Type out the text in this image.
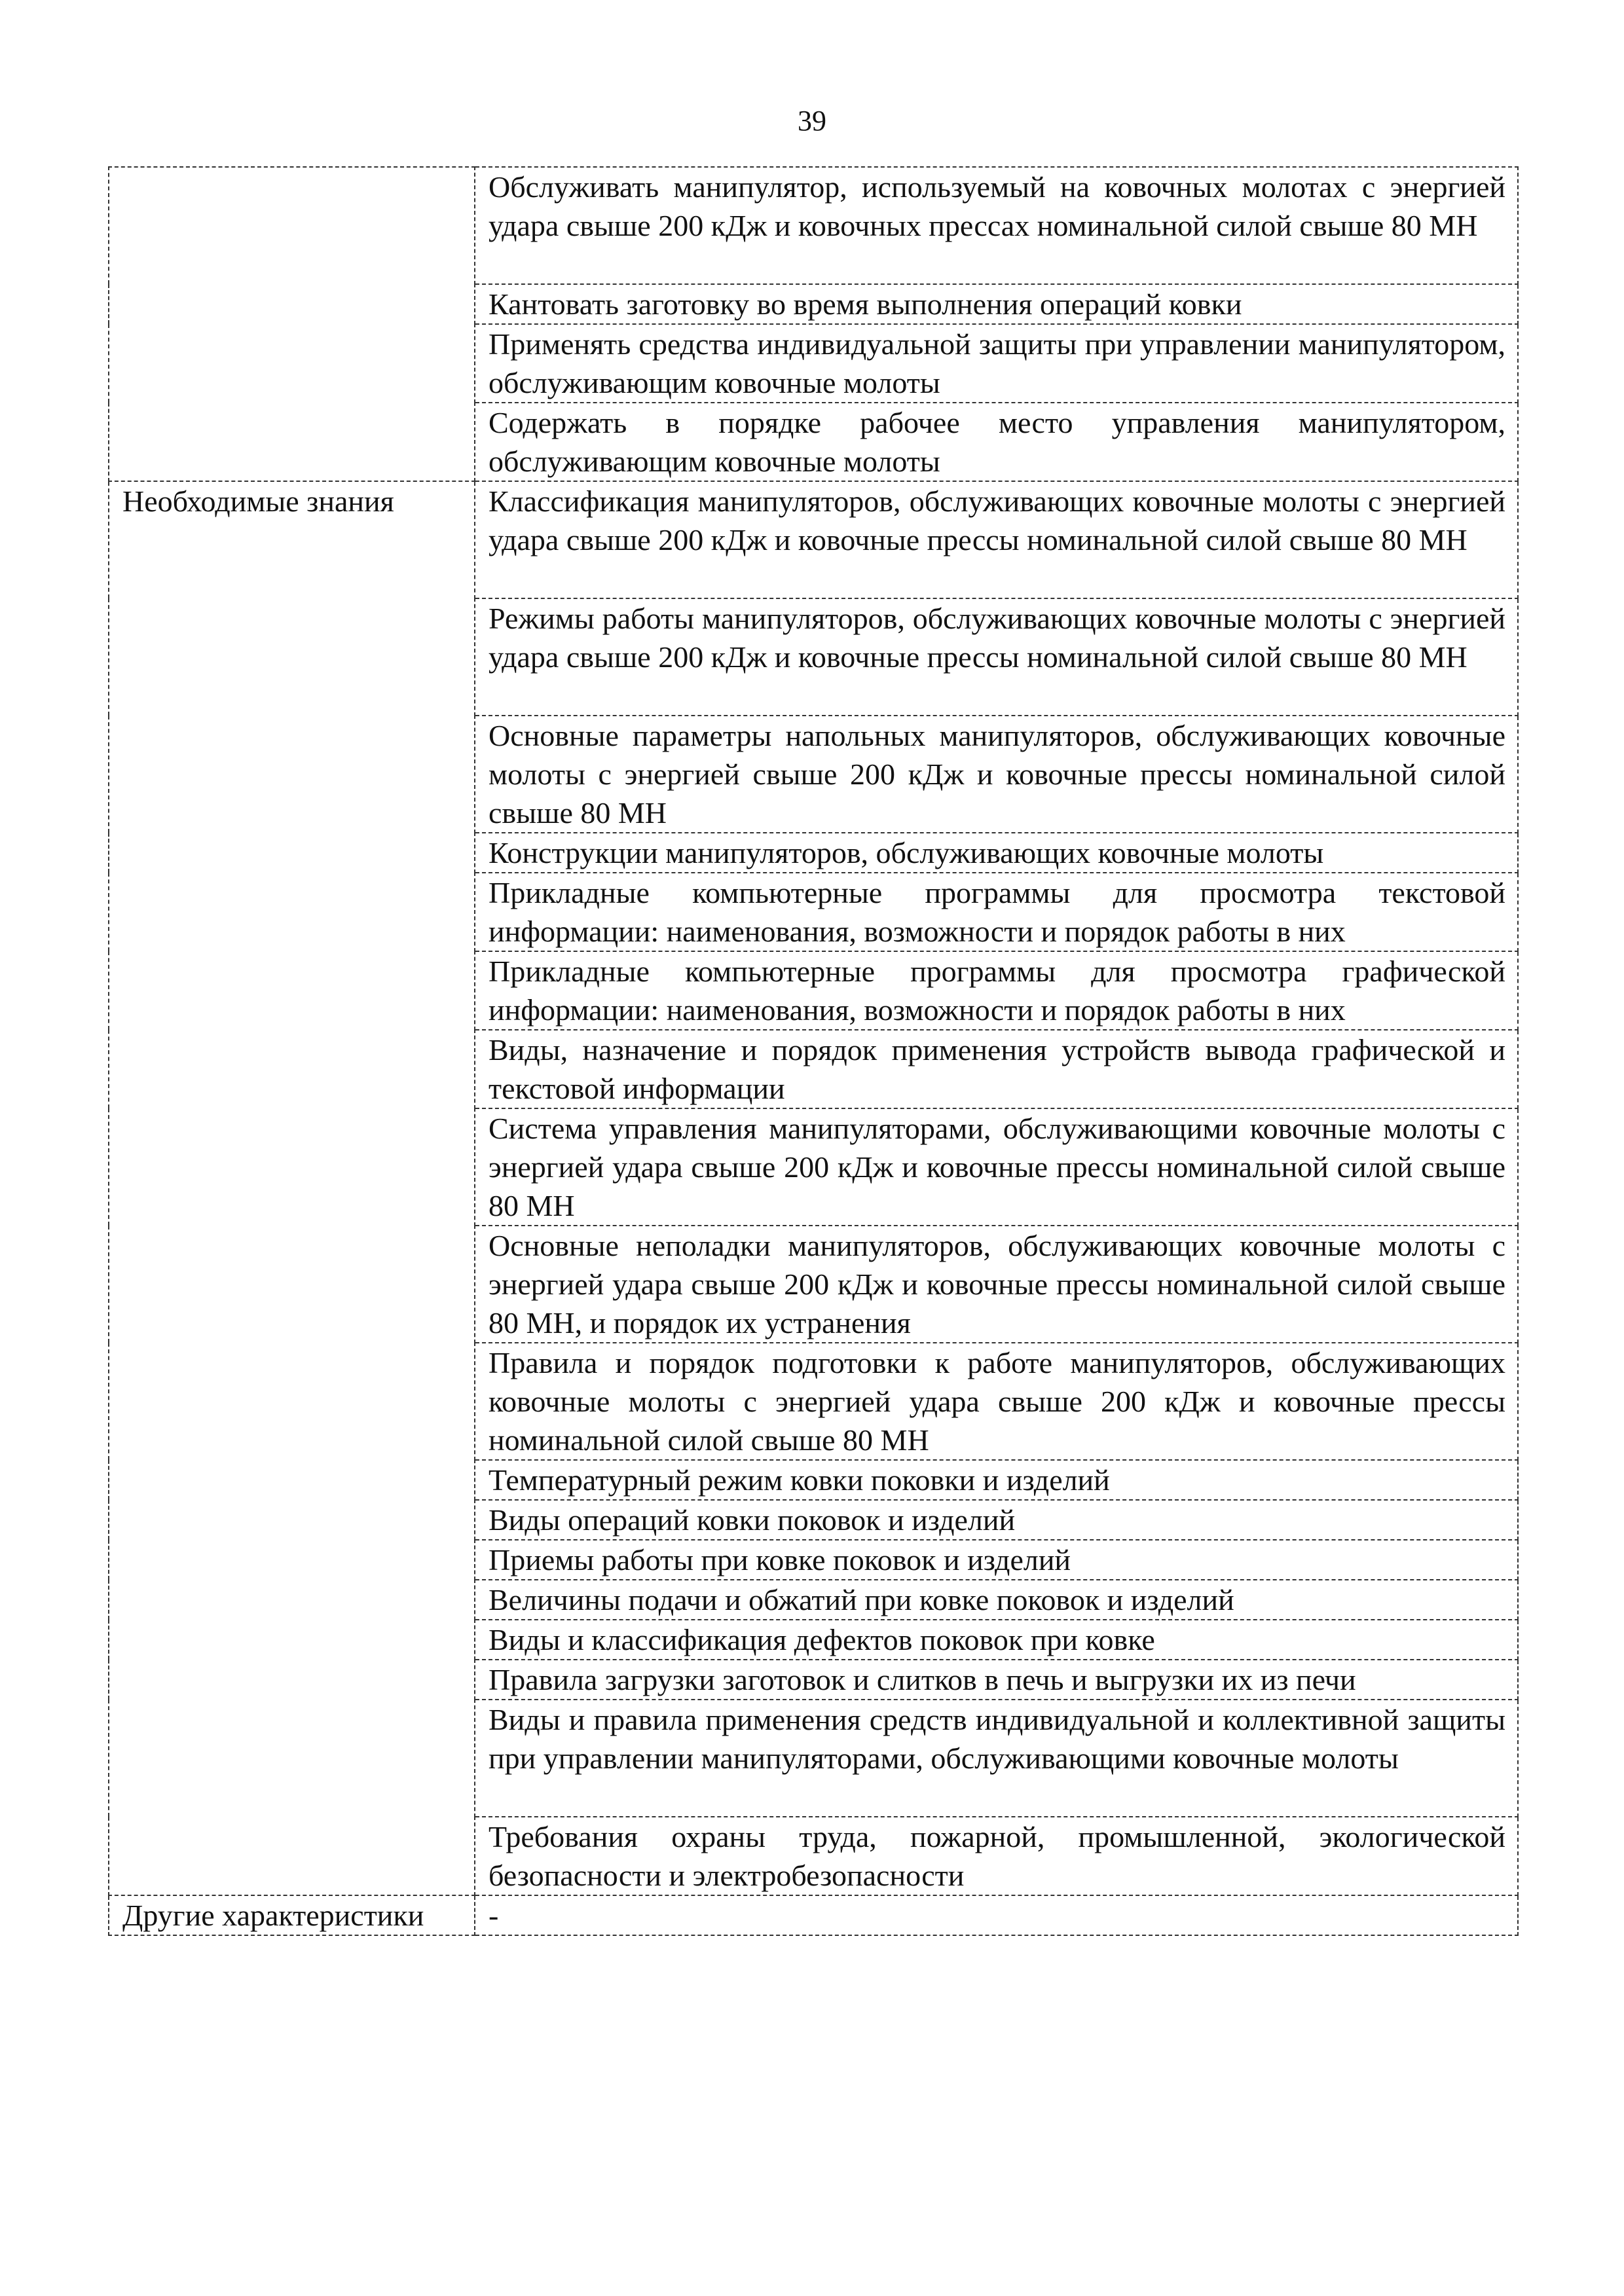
39
	Обслуживать манипулятор, используемый на ковочных молотах с энергией удара свыше 200 кДж и ковочных прессах номинальной силой свыше 80 МН
	Кантовать заготовку во время выполнения операций ковки
	Применять средства индивидуальной защиты при управлении манипулятором, обслуживающим ковочные молоты
	Содержать в порядке рабочее место управления манипулятором, обслуживающим ковочные молоты
Необходимые знания	Классификация манипуляторов, обслуживающих ковочные молоты с энергией удара свыше 200 кДж и ковочные прессы номинальной силой свыше 80 МН
	Режимы работы манипуляторов, обслуживающих ковочные молоты с энергией удара свыше 200 кДж и ковочные прессы номинальной силой свыше 80 МН
	Основные параметры напольных манипуляторов, обслуживающих ковочные молоты с энергией свыше 200 кДж и ковочные прессы номинальной силой свыше 80 МН
	Конструкции манипуляторов, обслуживающих ковочные молоты
	Прикладные компьютерные программы для просмотра текстовой информации: наименования, возможности и порядок работы в них
	Прикладные компьютерные программы для просмотра графической информации: наименования, возможности и порядок работы в них
	Виды, назначение и порядок применения устройств вывода графической и текстовой информации
	Система управления манипуляторами, обслуживающими ковочные молоты с энергией удара свыше 200 кДж и ковочные прессы номинальной силой свыше 80 МН
	Основные неполадки манипуляторов, обслуживающих ковочные молоты с энергией удара свыше 200 кДж и ковочные прессы номинальной силой свыше 80 МН, и порядок их устранения
	Правила и порядок подготовки к работе манипуляторов, обслуживающих ковочные молоты с энергией удара свыше 200 кДж и ковочные прессы номинальной силой свыше 80 МН
	Температурный режим ковки поковки и изделий
	Виды операций ковки поковок и изделий
	Приемы работы при ковке поковок и изделий
	Величины подачи и обжатий при ковке поковок и изделий
	Виды и классификация дефектов поковок при ковке
	Правила загрузки заготовок и слитков в печь и выгрузки их из печи
	Виды и правила применения средств индивидуальной и коллективной защиты при управлении манипуляторами, обслуживающими ковочные молоты
	Требования охраны труда, пожарной, промышленной, экологической безопасности и электробезопасности
Другие характеристики	-
